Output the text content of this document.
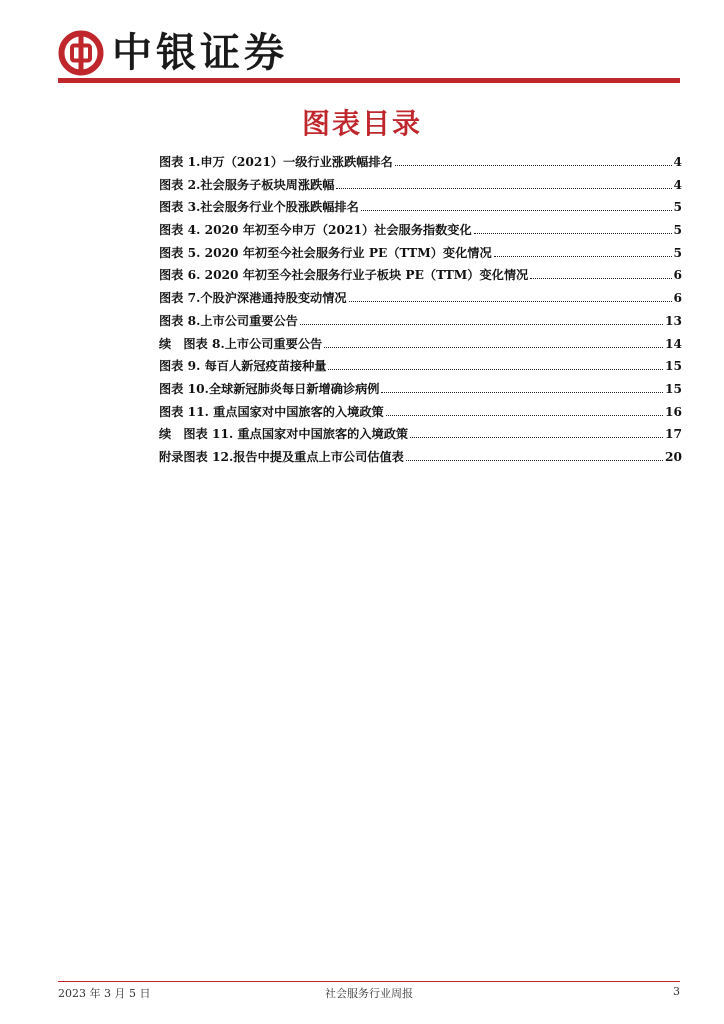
中银证券
图表目录
图表 1.申万（2021）一级行业涨跌幅排名	4
图表 2.社会服务子板块周涨跌幅	4
图表 3.社会服务行业个股涨跌幅排名	5
图表 4. 2020 年初至今申万（2021）社会服务指数变化	5
图表 5. 2020 年初至今社会服务行业 PE（TTM）变化情况	5
图表 6. 2020 年初至今社会服务行业子板块 PE（TTM）变化情况	6
图表 7.个股沪深港通持股变动情况	6
图表 8.上市公司重要公告	13
续　图表 8.上市公司重要公告	14
图表 9. 每百人新冠疫苗接种量	15
图表 10.全球新冠肺炎每日新增确诊病例	15
图表 11. 重点国家对中国旅客的入境政策	16
续　图表 11. 重点国家对中国旅客的入境政策	17
附录图表 12.报告中提及重点上市公司估值表	20
2023 年 3 月 5 日	社会服务行业周报	3
